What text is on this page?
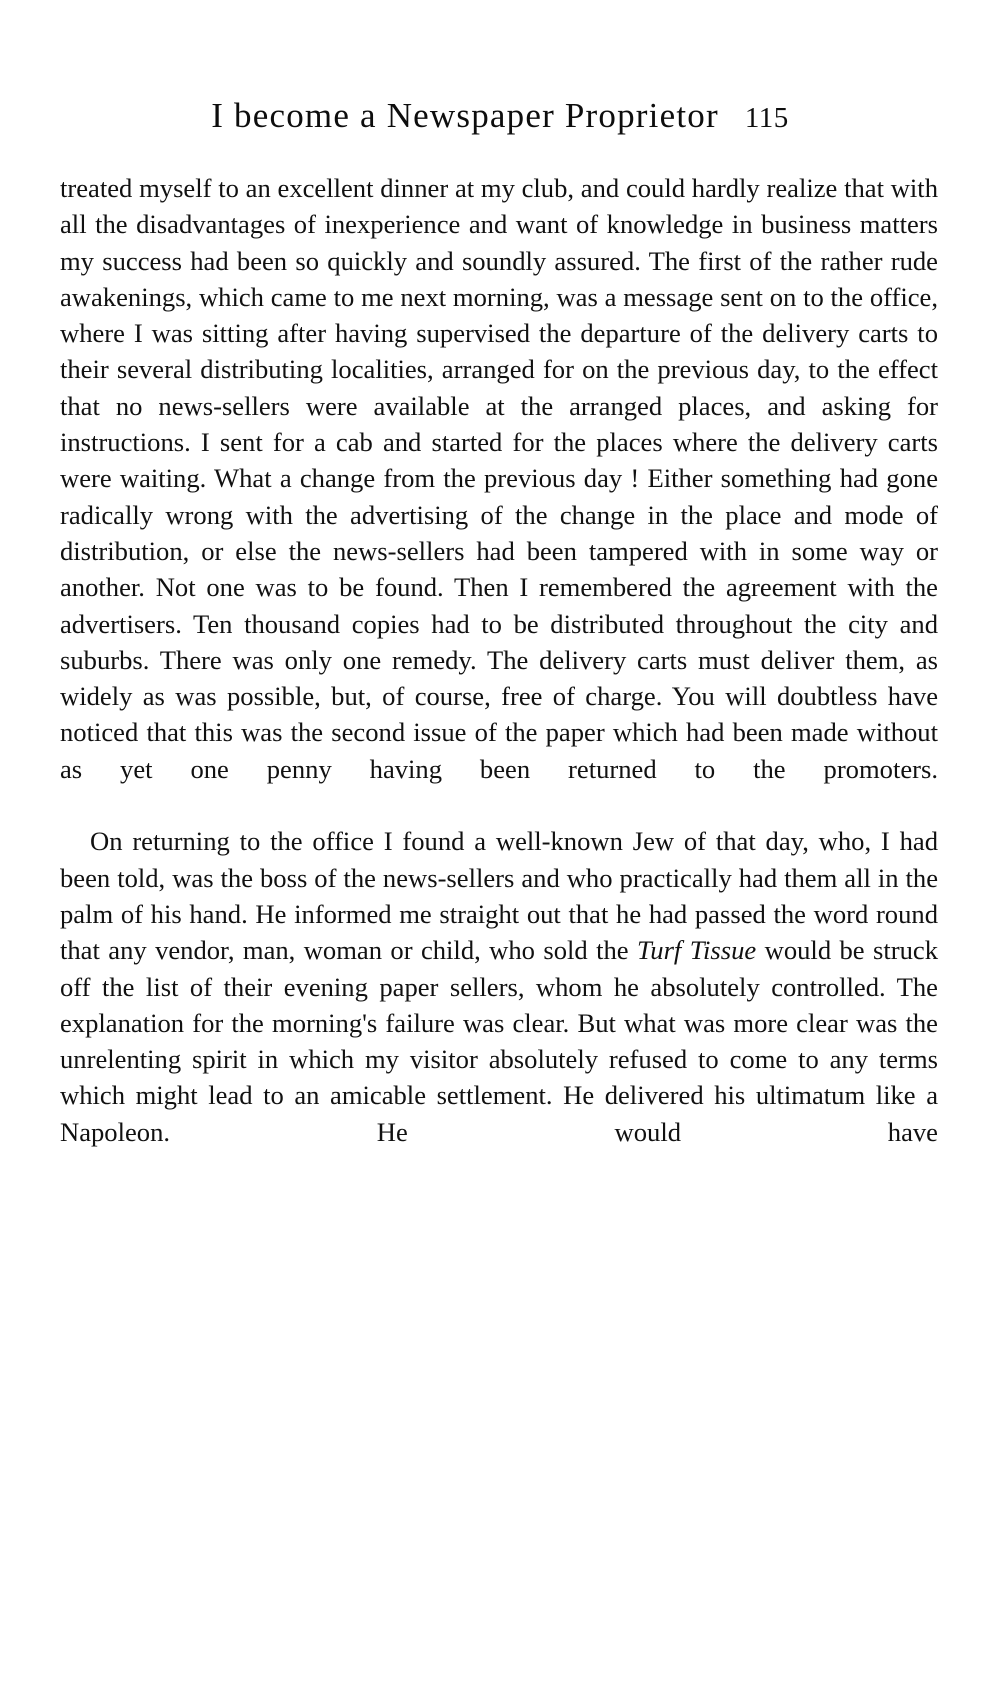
I become a Newspaper Proprietor 115

treated myself to an excellent dinner at my club, and could hardly realize that with all the disadvantages of inexperience and want of knowledge in business matters my success had been so quickly and soundly assured. The first of the rather rude awakenings, which came to me next morning, was a message sent on to the office, where I was sitting after having supervised the departure of the delivery carts to their several distributing localities, arranged for on the previous day, to the effect that no news-sellers were available at the arranged places, and asking for instructions. I sent for a cab and started for the places where the delivery carts were waiting. What a change from the previous day ! Either something had gone radically wrong with the advertising of the change in the place and mode of distribution, or else the news-sellers had been tampered with in some way or another. Not one was to be found. Then I remembered the agreement with the advertisers. Ten thousand copies had to be distributed throughout the city and suburbs. There was only one remedy. The delivery carts must deliver them, as widely as was possible, but, of course, free of charge. You will doubtless have noticed that this was the second issue of the paper which had been made without as yet one penny having been returned to the promoters.

On returning to the office I found a well-known Jew of that day, who, I had been told, was the boss of the news-sellers and who practically had them all in the palm of his hand. He informed me straight out that he had passed the word round that any vendor, man, woman or child, who sold the Turf Tissue would be struck off the list of their evening paper sellers, whom he absolutely controlled. The explanation for the morning's failure was clear. But what was more clear was the unrelenting spirit in which my visitor absolutely refused to come to any terms which might lead to an amicable settlement. He delivered his ultimatum like a Napoleon. He would have
